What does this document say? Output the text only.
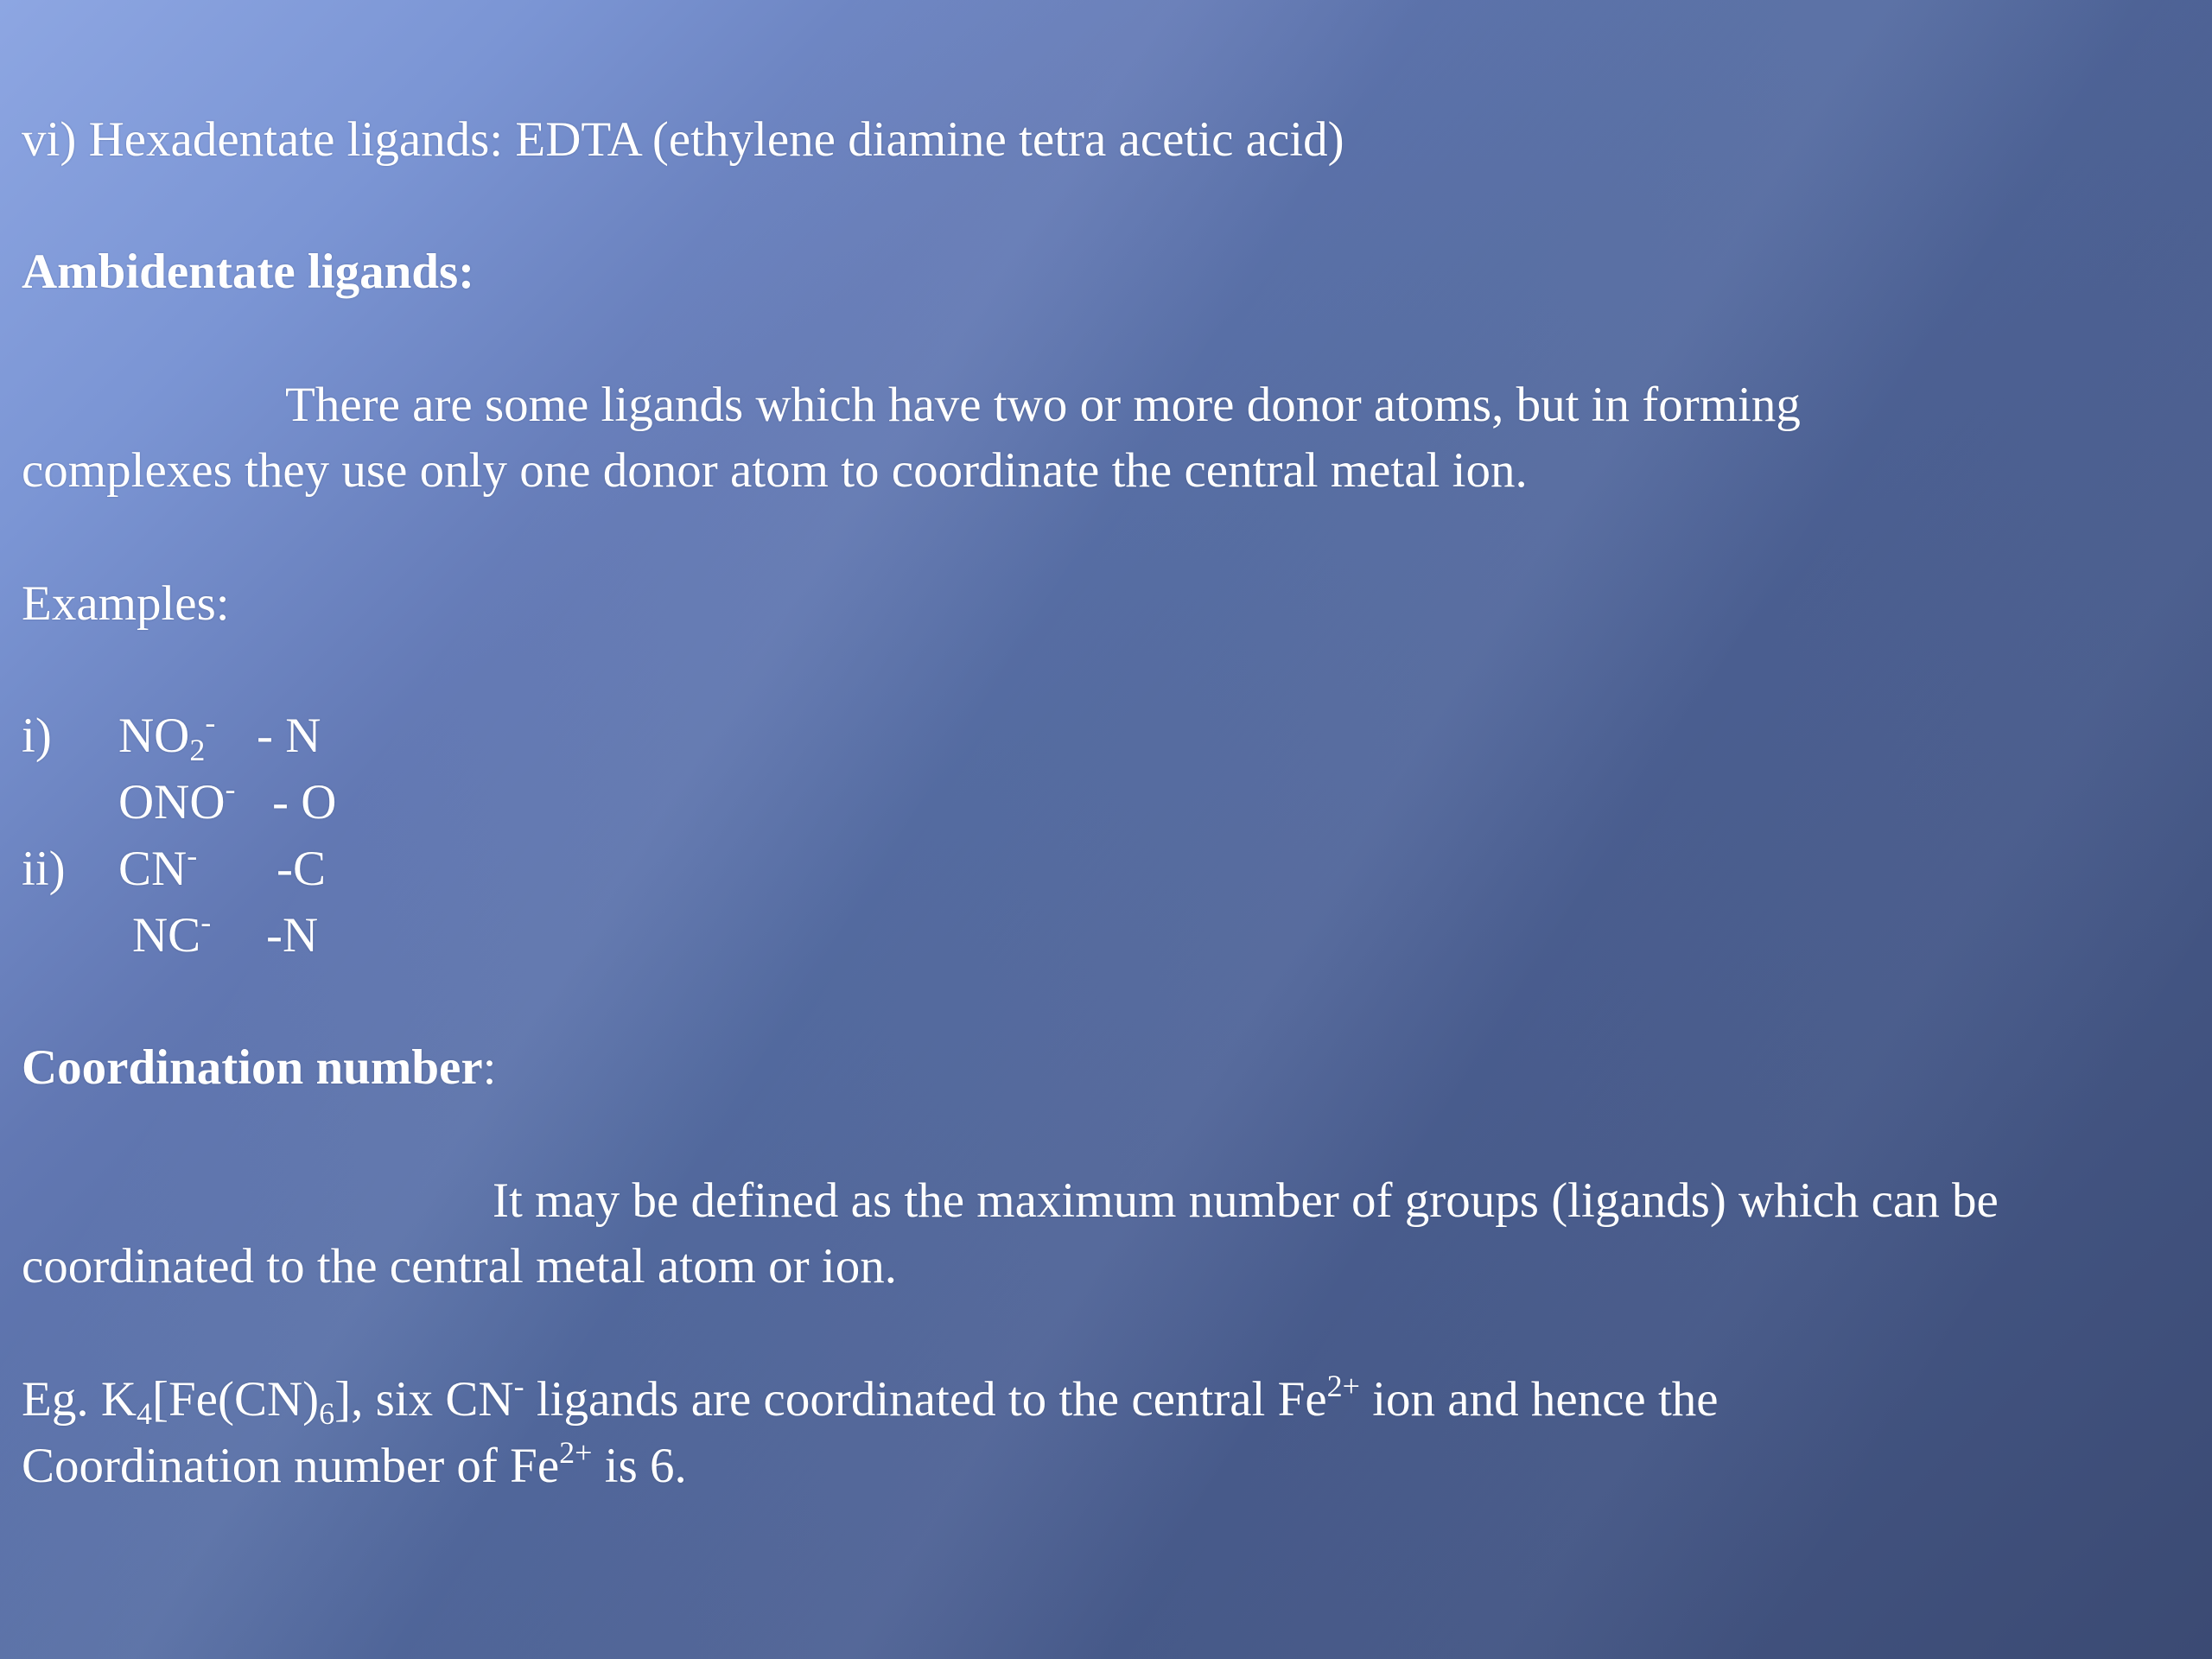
vi) Hexadentate ligands: EDTA (ethylene diamine tetra acetic acid)
Ambidentate ligands:
There are some ligands which have two or more donor atoms, but in forming
complexes they use only one donor atom to coordinate the central metal ion.
Examples:
i) $NO_2^-$ - N
ONO- - O
ii) CN- -C
NC- -N
Coordination number:
It may be defined as the maximum number of groups (ligands) which can be
coordinated to the central metal atom or ion.
Eg. $K_4[Fe(CN)_6]$, six CN- ligands are coordinated to the central $Fe^{2+}$ ion and hence the
Coordination number of $Fe^{2+}$ is 6.
